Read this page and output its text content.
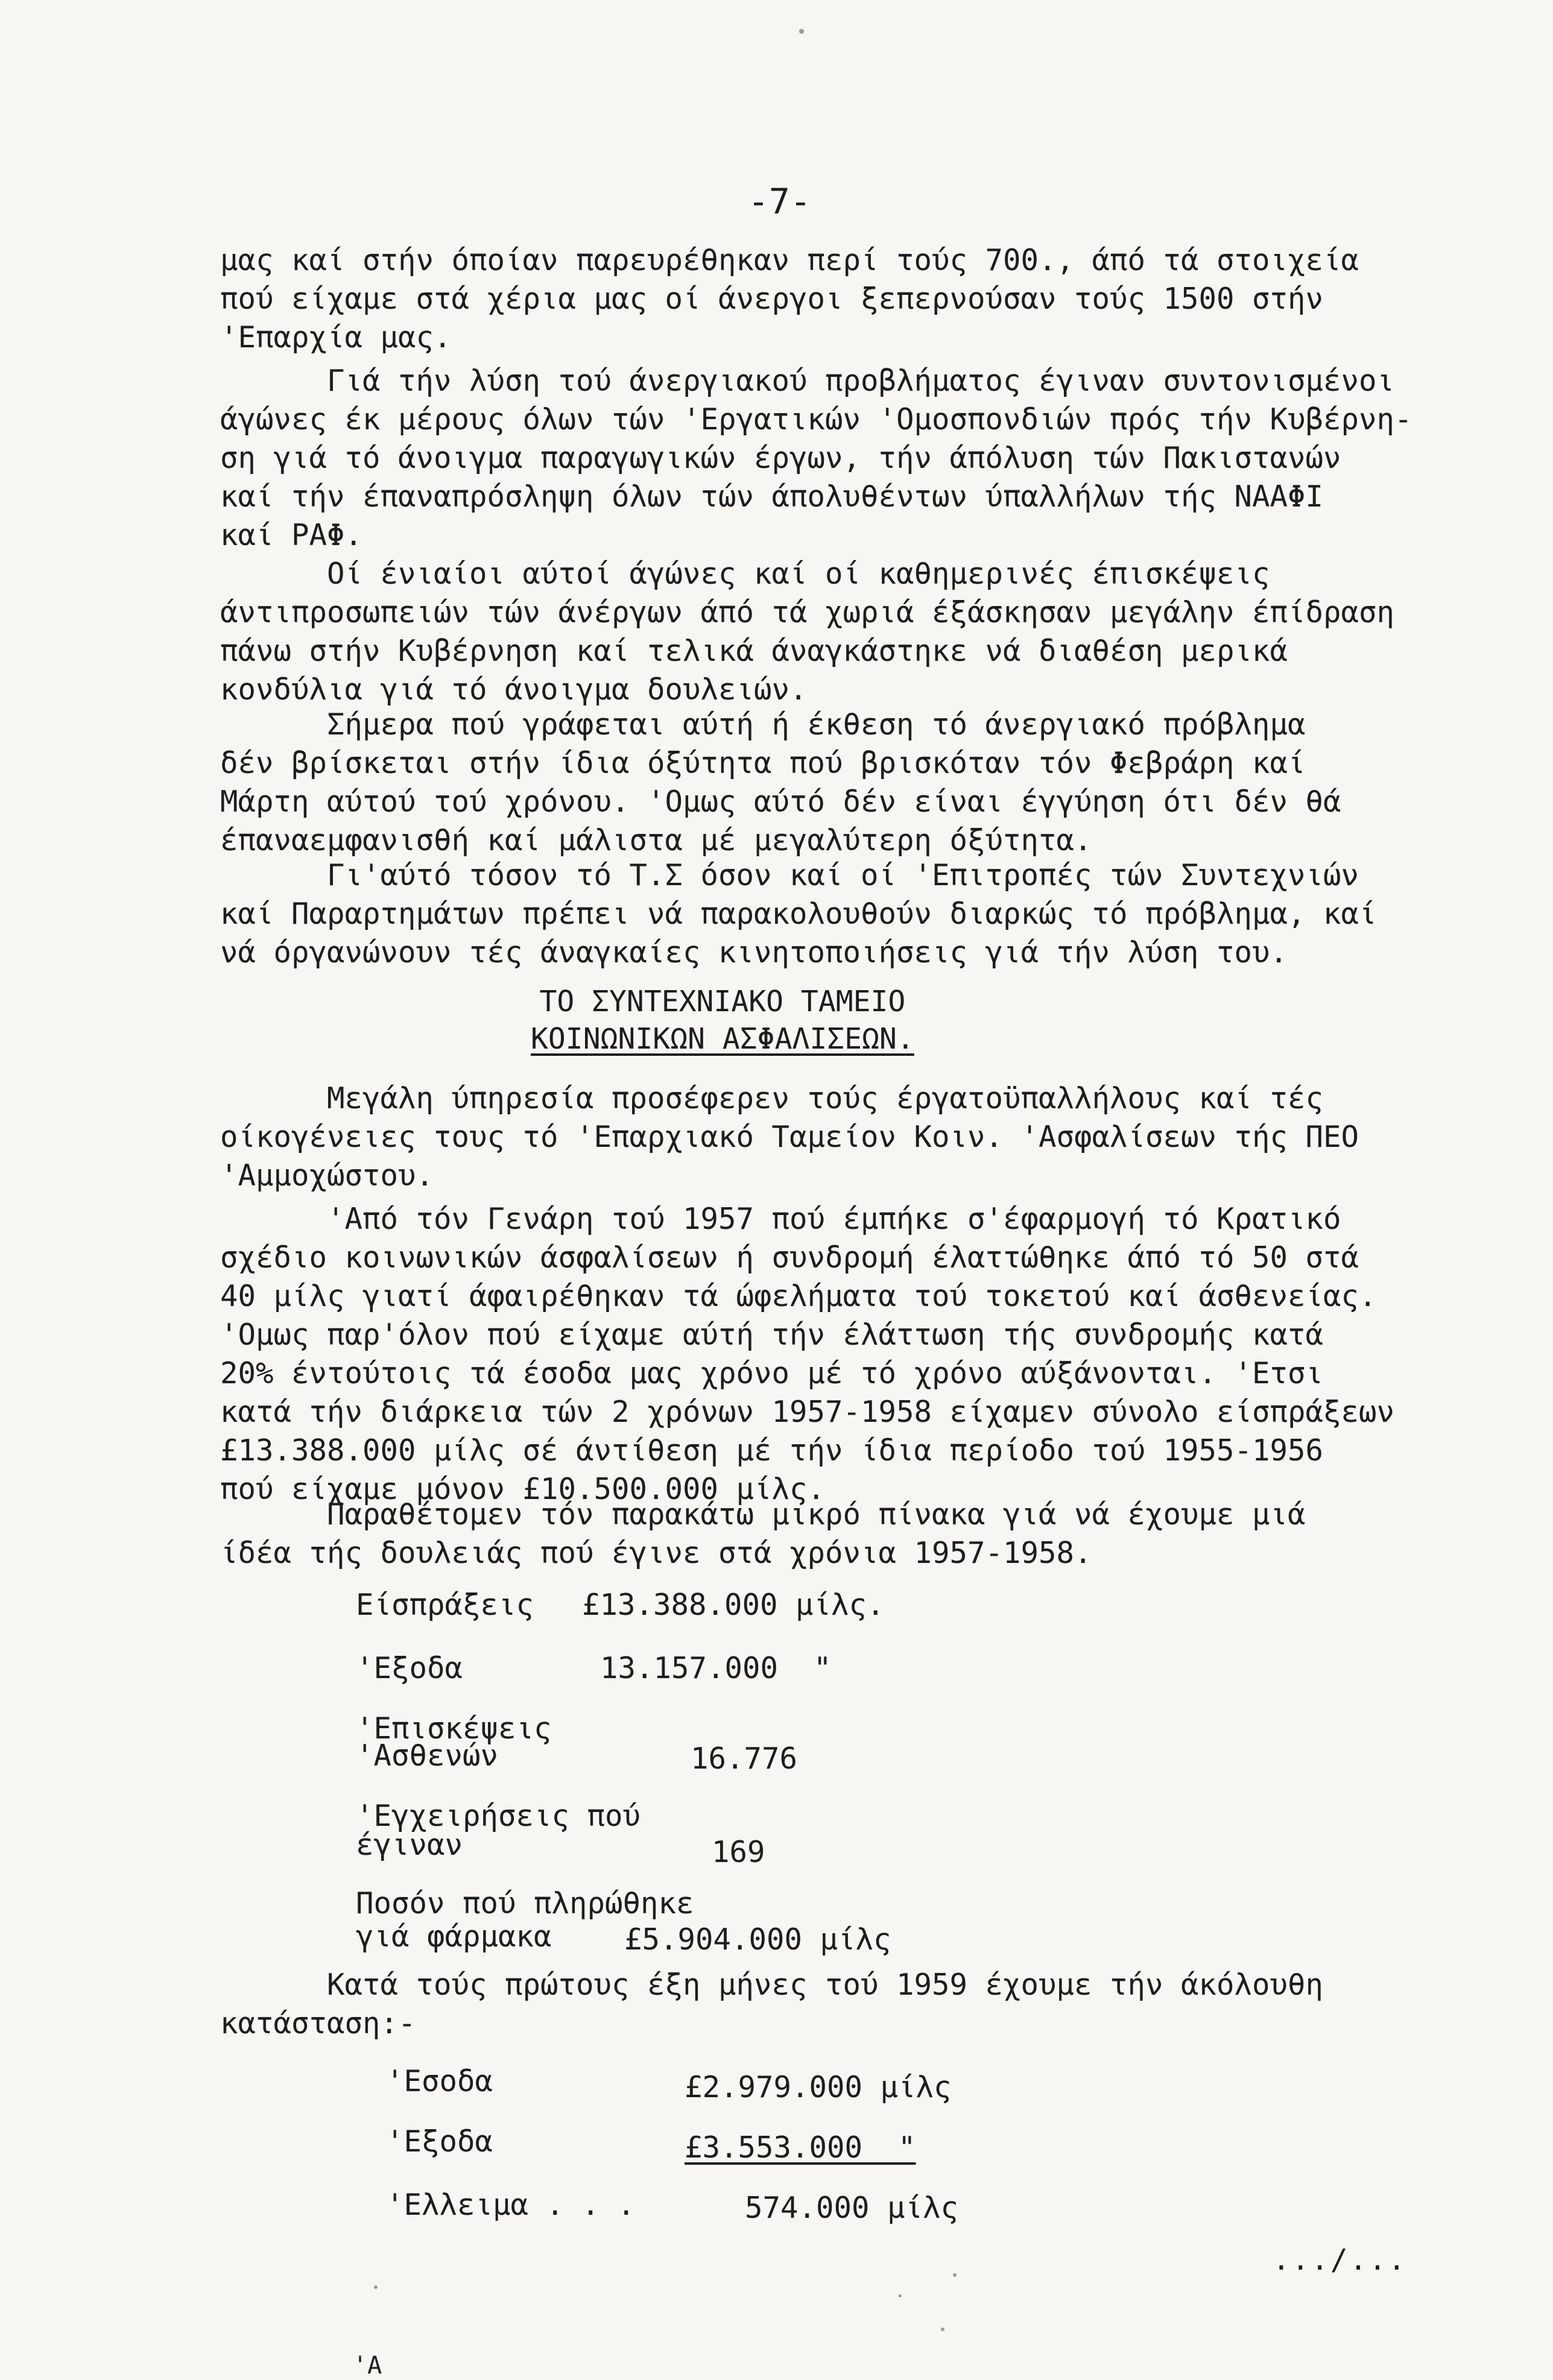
-7-
μας καί στήν όποίαν παρευρέθηκαν περί τούς 700., άπό τά στοιχεία
πού είχαμε στά χέρια μας οί άνεργοι ξεπερνούσαν τούς 1500 στήν
'Επαρχία μας.
Γιά τήν λύση τού άνεργιακού προβλήματος έγιναν συντονισμένοι
άγώνες έκ μέρους όλων τών 'Εργατικών 'Ομοσπονδιών πρός τήν Κυβέρνη-
ση γιά τό άνοιγμα παραγωγικών έργων, τήν άπόλυση τών Πακιστανών
καί τήν έπαναπρόσληψη όλων τών άπολυθέντων ύπαλλήλων τής ΝΑΑΦΙ
καί ΡΑΦ.
Οί ένιαίοι αύτοί άγώνες καί οί καθημερινές έπισκέψεις
άντιπροσωπειών τών άνέργων άπό τά χωριά έξάσκησαν μεγάλην έπίδραση
πάνω στήν Κυβέρνηση καί τελικά άναγκάστηκε νά διαθέση μερικά
κονδύλια γιά τό άνοιγμα δουλειών.
Σήμερα πού γράφεται αύτή ή έκθεση τό άνεργιακό πρόβλημα
δέν βρίσκεται στήν ίδια όξύτητα πού βρισκόταν τόν Φεβράρη καί
Μάρτη αύτού τού χρόνου. 'Ομως αύτό δέν είναι έγγύηση ότι δέν θά
έπαναεμφανισθή καί μάλιστα μέ μεγαλύτερη όξύτητα.
Γι'αύτό τόσον τό Τ.Σ όσον καί οί 'Επιτροπές τών Συντεχνιών
καί Παραρτημάτων πρέπει νά παρακολουθούν διαρκώς τό πρόβλημα, καί
νά όργανώνουν τές άναγκαίες κινητοποιήσεις γιά τήν λύση του.
ΤΟ ΣΥΝΤΕΧΝΙΑΚΟ ΤΑΜΕΙΟ
ΚΟΙΝΩΝΙΚΩΝ ΑΣΦΑΛΙΣΕΩΝ.
Μεγάλη ύπηρεσία προσέφερεν τούς έργατοϋπαλλήλους καί τές
οίκογένειες τους τό 'Επαρχιακό Ταμείον Κοιν. 'Ασφαλίσεων τής ΠΕΟ
'Αμμοχώστου.
'Από τόν Γενάρη τού 1957 πού έμπήκε σ'έφαρμογή τό Κρατικό
σχέδιο κοινωνικών άσφαλίσεων ή συνδρομή έλαττώθηκε άπό τό 50 στά
40 μίλς γιατί άφαιρέθηκαν τά ώφελήματα τού τοκετού καί άσθενείας.
'Ομως παρ'όλον πού είχαμε αύτή τήν έλάττωση τής συνδρομής κατά
20% έντούτοις τά έσοδα μας χρόνο μέ τό χρόνο αύξάνονται. 'Ετσι
κατά τήν διάρκεια τών 2 χρόνων 1957-1958 είχαμεν σύνολο είσπράξεων
£13.388.000 μίλς σέ άντίθεση μέ τήν ίδια περίοδο τού 1955-1956
πού είχαμε μόνον £10.500.000 μίλς.
Παραθέτομεν τόν παρακάτω μικρό πίνακα γιά νά έχουμε μιά
ίδέα τής δουλειάς πού έγινε στά χρόνια 1957-1958.
Είσπράξεις £13.388.000 μίλς.
'Εξοδα	13.157.000  "
'Επισκέψεις
'Ασθενών	16.776
'Εγχειρήσεις πού
έγιναν	169
Ποσόν πού πληρώθηκε
γιά φάρμακα £5.904.000 μίλς
Κατά τούς πρώτους έξη μήνες τού 1959 έχουμε τήν άκόλουθη
κατάσταση:-
'Εσοδα	£2.979.000 μίλς
'Εξοδα	£3.553.000  "
'Ελλειμα . . .	574.000 μίλς
.../...
'A
